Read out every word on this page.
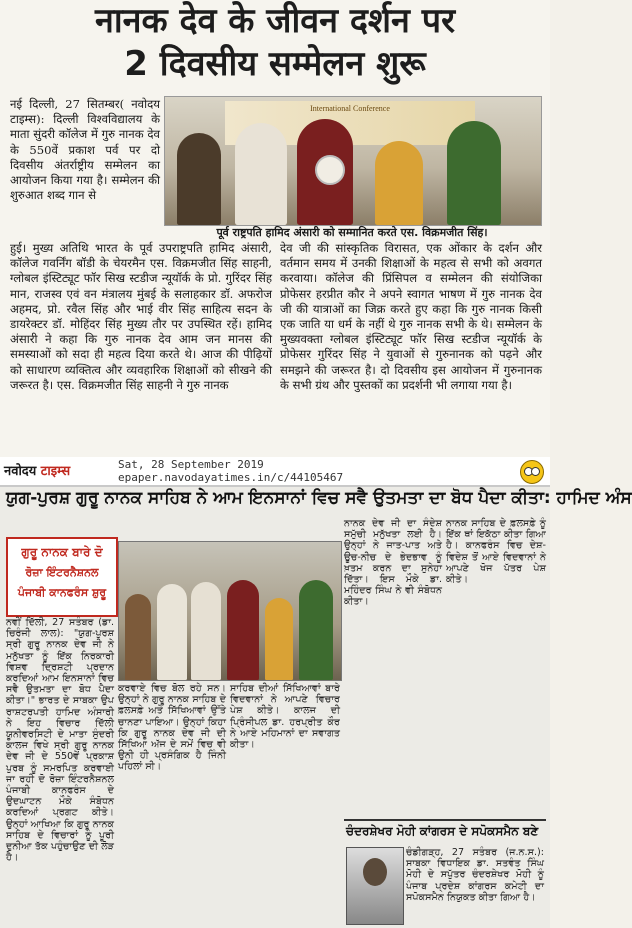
नानक देव के जीवन दर्शन पर
2 दिवसीय सम्मेलन शुरू
नई दिल्ली, 27 सितम्बर( नवोदय टाइम्स): दिल्ली विश्वविद्यालय के माता सुंदरी कॉलेज में गुरु नानक देव के 550वें प्रकाश पर्व पर दो दिवसीय अंतर्राष्ट्रीय सम्मेलन का आयोजन किया गया है। सम्मेलन की शुरुआत शब्द गान से
International Conference
पूर्व राष्ट्रपति हामिद अंसारी को सम्मानित करते एस. विक्रमजीत सिंह।
हुई। मुख्य अतिथि भारत के पूर्व उपराष्ट्रपति हामिद अंसारी, कॉलेज गवर्निंग बॉडी के चेयरमैन एस. विक्रमजीत सिंह साहनी, ग्लोबल इंस्टिट्यूट फॉर सिख स्टडीज न्यूयॉर्क के प्रो. गुरिंदर सिंह मान, राजस्व एवं वन मंत्रालय मुंबई के सलाहकार डॉ. अफरोज अहमद, प्रो. रवैल सिंह और भाई वीर सिंह साहित्य सदन के डायरेक्टर डॉ. मोहिंदर सिंह मुख्य तौर पर उपस्थित रहें। हामिद अंसारी ने कहा कि गुरु नानक देव आम जन मानस की समस्याओं को सदा ही महत्व दिया करते थे। आज की पीढ़ियों को साधारण व्यक्तित्व और व्यवहारिक शिक्षाओं को सीखने की जरूरत है। एस. विक्रमजीत सिंह साहनी ने गुरु नानक
देव जी की सांस्कृतिक विरासत, एक ओंकार के दर्शन और वर्तमान समय में उनकी शिक्षाओं के महत्व से सभी को अवगत करवाया। कॉलेज की प्रिंसिपल व सम्मेलन की संयोजिका प्रोफेसर हरप्रीत कौर ने अपने स्वागत भाषण में गुरु नानक देव जी की यात्राओं का जिक्र करते हुए कहा कि गुरु नानक किसी एक जाति या धर्म के नहीं थे गुरु नानक सभी के थे। सम्मेलन के मुख्यवक्ता ग्लोबल इंस्टिट्यूट फॉर सिख स्टडीज न्यूयॉर्क के प्रोफेसर गुरिंदर सिंह ने युवाओं से गुरुनानक को पढ़ने और समझने की जरूरत है। दो दिवसीय इस आयोजन में गुरुनानक के सभी ग्रंथ और पुस्तकों का प्रदर्शनी भी लगाया गया है।
नवोदय टाइम्स	Sat, 28 September 2019
epaper.navodayatimes.in/c/44105467
ਯੁਗ-ਪੁਰਸ਼ ਗੁਰੂ ਨਾਨਕ ਸਾਹਿਬ ਨੇ ਆਮ ਇਨਸਾਨਾਂ ਵਿਚ ਸਵੈ ਉਤਮਤਾ ਦਾ ਬੋਧ ਪੈਦਾ ਕੀਤਾ: ਹਾਮਿਦ ਅੰਸ
ਗੁਰੂ ਨਾਨਕ ਬਾਰੇ ਦੋ
ਰੋਜ਼ਾ ਇੰਟਰਨੈਸ਼ਨਲ
ਪੰਜਾਬੀ ਕਾਨਫਰੰਸ ਸ਼ੁਰੂ
ਨਵੀਂ ਦਿੱਲੀ, 27 ਸਤੰਬਰ (ਡਾ. ਚਿਰੰਜੀ ਲਾਲ): "ਯੁਗ-ਪੁਰਸ਼ ਸ੍ਰੀ ਗੁਰੂ ਨਾਨਕ ਦੇਵ ਜੀ ਨੇ ਮਨੁੱਖਤਾ ਨੂੰ ਇੱਕ ਨਿਰਕਾਰੀ ਵਿਸ਼ਵ ਦ੍ਰਿਸ਼ਟੀ ਪ੍ਰਦਾਨ ਕਰਦਿਆਂ ਆਮ ਇਨਸਾਨਾਂ ਵਿਚ ਸਵੈ ਉਤਮਤਾ ਦਾ ਬੋਧ ਪੈਦਾ ਕੀਤਾ।" ਭਾਰਤ ਦੇ ਸਾਬਕਾ ਉਪ ਰਾਸ਼ਟਰਪਤੀ ਹਾਮਿਦ ਅੰਸਾਰੀ ਨੇ ਇਹ ਵਿਚਾਰ ਦਿੱਲੀ ਯੂਨੀਵਰਸਿਟੀ ਦੇ ਮਾਤਾ ਸੁੰਦਰੀ ਕਾਲਜ ਵਿਖੇ ਸ੍ਰੀ ਗੁਰੂ ਨਾਨਕ ਦੇਵ ਜੀ ਦੇ 550ਵੇਂ ਪ੍ਰਕਾਸ਼ ਪੁਰਬ ਨੂੰ ਸਮਰਪਿਤ ਕਰਵਾਈ ਜਾ ਰਹੀ ਦੋ ਰੋਜ਼ਾ ਇੰਟਰਨੈਸ਼ਨਲ ਪੰਜਾਬੀ ਕਾਨਫਰੰਸ ਦੇ ਉਦਘਾਟਨ ਮੌਕੇ ਸੰਬੋਧਨ ਕਰਦਿਆਂ ਪ੍ਰਗਟ ਕੀਤੇ। ਉਨ੍ਹਾਂ ਆਖਿਆ ਕਿ ਗੁਰੂ ਨਾਨਕ ਸਾਹਿਬ ਦੇ ਵਿਚਾਰਾਂ ਨੂੰ ਪੂਰੀ ਦੁਨੀਆ ਤੱਕ ਪਹੁੰਚਾਉਣ ਦੀ ਲੋੜ ਹੈ।
ਕਰਵਾਏ ਵਿਚ ਬੋਲ ਰਹੇ ਸਨ। ਉਨ੍ਹਾਂ ਨੇ ਗੁਰੂ ਨਾਨਕ ਸਾਹਿਬ ਦੇ ਫ਼ਲਸਫ਼ੇ ਅਤੇ ਸਿੱਖਿਆਵਾਂ ਉੱਤੇ ਚਾਨਣਾ ਪਾਇਆ। ਉਨ੍ਹਾਂ ਕਿਹਾ ਕਿ ਗੁਰੂ ਨਾਨਕ ਦੇਵ ਜੀ ਦੀ ਸਿੱਖਿਆ ਅੱਜ ਦੇ ਸਮੇਂ ਵਿਚ ਵੀ ਉਨੀ ਹੀ ਪ੍ਰਸੰਗਿਕ ਹੈ ਜਿੰਨੀ ਪਹਿਲਾਂ ਸੀ।
ਸਾਹਿਬ ਦੀਆਂ ਸਿੱਖਿਆਵਾਂ ਬਾਰੇ ਵਿਦਵਾਨਾਂ ਨੇ ਆਪਣੇ ਵਿਚਾਰ ਪੇਸ਼ ਕੀਤੇ। ਕਾਲਜ ਦੀ ਪ੍ਰਿੰਸੀਪਲ ਡਾ. ਹਰਪ੍ਰੀਤ ਕੌਰ ਨੇ ਆਏ ਮਹਿਮਾਨਾਂ ਦਾ ਸਵਾਗਤ ਕੀਤਾ।
ਨਾਨਕ ਦੇਵ ਜੀ ਦਾ ਸੰਦੇਸ਼ ਸਮੁੱਚੀ ਮਨੁੱਖਤਾ ਲਈ ਹੈ। ਉਨ੍ਹਾਂ ਨੇ ਜਾਤ-ਪਾਤ ਅਤੇ ਊਚ-ਨੀਚ ਦੇ ਭੇਦਭਾਵ ਨੂੰ ਖ਼ਤਮ ਕਰਨ ਦਾ ਸੁਨੇਹਾ ਦਿੱਤਾ। ਇਸ ਮੌਕੇ ਡਾ. ਮਹਿੰਦਰ ਸਿੰਘ ਨੇ ਵੀ ਸੰਬੋਧਨ ਕੀਤਾ।
ਨਾਨਕ ਸਾਹਿਬ ਦੇ ਫ਼ਲਸਫ਼ੇ ਨੂੰ ਇੱਕ ਥਾਂ ਇਕੱਠਾ ਕੀਤਾ ਗਿਆ ਹੈ। ਕਾਨਫਰੰਸ ਵਿਚ ਦੇਸ਼-ਵਿਦੇਸ਼ ਤੋਂ ਆਏ ਵਿਦਵਾਨਾਂ ਨੇ ਆਪਣੇ ਖੋਜ ਪੱਤਰ ਪੇਸ਼ ਕੀਤੇ।
ਚੰਦਰਸ਼ੇਖਰ ਮੋਹੀ ਕਾਂਗਰਸ ਦੇ ਸਪੋਕਸਮੈਨ ਬਣੇ
ਚੰਡੀਗੜ੍ਹ, 27 ਸਤੰਬਰ (ਜ.ਨ.ਸ.): ਸਾਬਕਾ ਵਿਧਾਇਕ ਡਾ. ਸਤਵੰਤ ਸਿੰਘ ਮੋਹੀ ਦੇ ਸਪੁੱਤਰ ਚੰਦਰਸ਼ੇਖਰ ਮੋਹੀ ਨੂੰ ਪੰਜਾਬ ਪ੍ਰਦੇਸ਼ ਕਾਂਗਰਸ ਕਮੇਟੀ ਦਾ ਸਪੋਕਸਮੈਨ ਨਿਯੁਕਤ ਕੀਤਾ ਗਿਆ ਹੈ।
